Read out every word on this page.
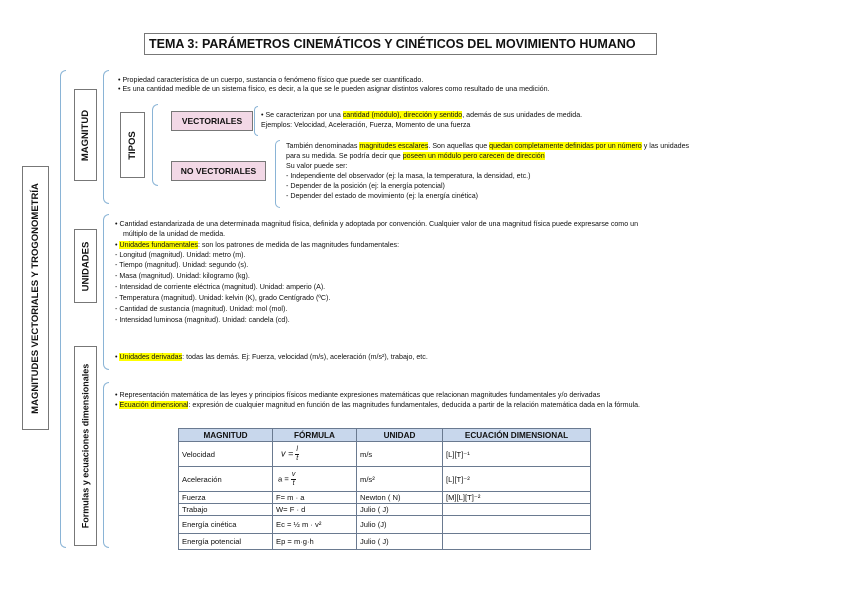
TEMA 3: PARÁMETROS CINEMÁTICOS Y CINÉTICOS DEL MOVIMIENTO HUMANO
MAGNITUDES VECTORIALES Y TROGONOMETRÍA
MAGNITUD
• Propiedad característica de un cuerpo, sustancia o fenómeno físico que puede ser cuantificado.
• Es una cantidad medible de un sistema físico, es decir, a la que se le pueden asignar distintos valores como resultado de una medición.
TIPOS
VECTORIALES
• Se caracterizan por una cantidad (módulo), dirección y sentido, además de sus unidades de medida.
Ejemplos: Velocidad, Aceleración, Fuerza, Momento de una fuerza
NO VECTORIALES
También denominadas magnitudes escalares. Son aquellas que quedan completamente definidas por un número y las unidades
para su medida. Se podría decir que poseen un módulo pero carecen de dirección
Su valor puede ser:
- Independiente del observador (ej: la masa, la temperatura, la densidad, etc.)
- Depender de la posición (ej: la energía potencial)
- Depender del estado de movimiento (ej: la energía cinética)
UNIDADES
• Cantidad estandarizada de una determinada magnitud física, definida y adoptada por convención. Cualquier valor de una magnitud física puede expresarse como un
múltiplo de la unidad de medida.
• Unidades fundamentales: son los patrones de medida de las magnitudes fundamentales:
- Longitud (magnitud). Unidad: metro (m).
- Tiempo (magnitud). Unidad: segundo (s).
- Masa (magnitud). Unidad: kilogramo (kg).
- Intensidad de corriente eléctrica (magnitud). Unidad: amperio (A).
- Temperatura (magnitud). Unidad: kelvin (K), grado Centígrado (ºC).
- Cantidad de sustancia (magnitud). Unidad: mol (mol).
- Intensidad luminosa (magnitud). Unidad: candela (cd).
• Unidades derivadas: todas las demás. Ej: Fuerza, velocidad (m/s), aceleración (m/s²), trabajo, etc.
Formulas y ecuaciones dimensionales	• Representación matemática de las leyes y principios físicos mediante expresiones matemáticas que relacionan magnitudes fundamentales y/o derivadas
• Ecuación dimensional: expresión de cualquier magnitud en función de las magnitudes fundamentales, deducida a partir de la relación matemática dada en la fórmula.
MAGNITUD	FÓRMULA	UNIDAD	ECUACIÓN DIMENSIONAL
Velocidad	$v = \frac{l}{t}$	m/s	[L][T]⁻¹
Aceleración	$a = \frac{v}{t}$	m/s²	[L][T]⁻²
Fuerza	F= m · a	Newton ( N)	[M][L][T]⁻²
Trabajo	W= F · d	Julio ( J)	
Energía cinética	Ec = ½ m · v²	Julio (J)	
Energía potencial	Ep = m·g·h	Julio ( J)	
